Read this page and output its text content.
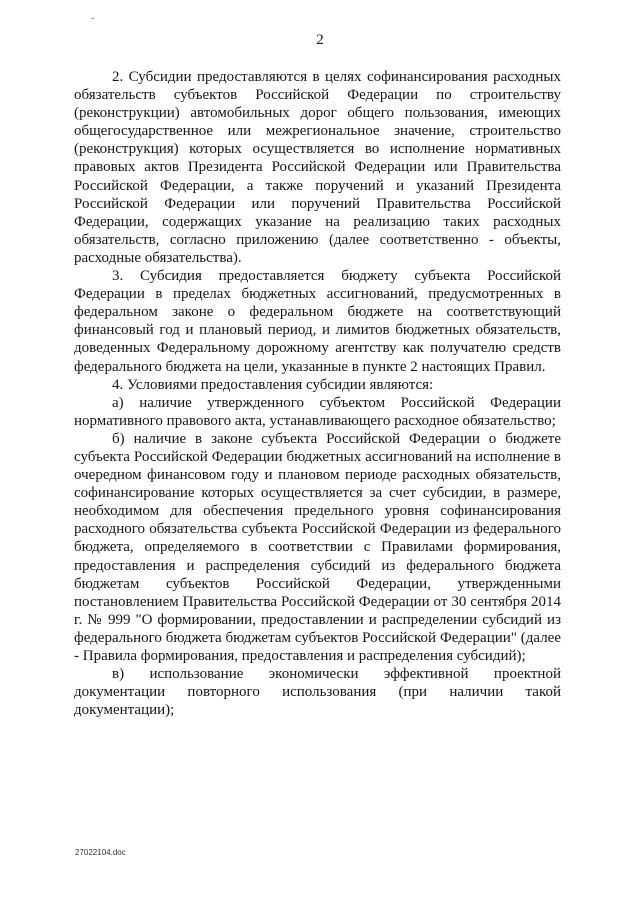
2

2. Субсидии предоставляются в целях софинансирования расходных обязательств субъектов Российской Федерации по строительству (реконструкции) автомобильных дорог общего пользования, имеющих общегосударственное или межрегиональное значение, строительство (реконструкция) которых осуществляется во исполнение нормативных правовых актов Президента Российской Федерации или Правительства Российской Федерации, а также поручений и указаний Президента Российской Федерации или поручений Правительства Российской Федерации, содержащих указание на реализацию таких расходных обязательств, согласно приложению (далее соответственно - объекты, расходные обязательства).

3. Субсидия предоставляется бюджету субъекта Российской Федерации в пределах бюджетных ассигнований, предусмотренных в федеральном законе о федеральном бюджете на соответствующий финансовый год и плановый период, и лимитов бюджетных обязательств, доведенных Федеральному дорожному агентству как получателю средств федерального бюджета на цели, указанные в пункте 2 настоящих Правил.

4. Условиями предоставления субсидии являются:

а) наличие утвержденного субъектом Российской Федерации нормативного правового акта, устанавливающего расходное обязательство;

б) наличие в законе субъекта Российской Федерации о бюджете субъекта Российской Федерации бюджетных ассигнований на исполнение в очередном финансовом году и плановом периоде расходных обязательств, софинансирование которых осуществляется за счет субсидии, в размере, необходимом для обеспечения предельного уровня софинансирования расходного обязательства субъекта Российской Федерации из федерального бюджета, определяемого в соответствии с Правилами формирования, предоставления и распределения субсидий из федерального бюджета бюджетам субъектов Российской Федерации, утвержденными постановлением Правительства Российской Федерации от 30 сентября 2014 г. № 999 "О формировании, предоставлении и распределении субсидий из федерального бюджета бюджетам субъектов Российской Федерации" (далее - Правила формирования, предоставления и распределения субсидий);

в) использование экономически эффективной проектной документации повторного использования (при наличии такой документации);

27022104.doc
